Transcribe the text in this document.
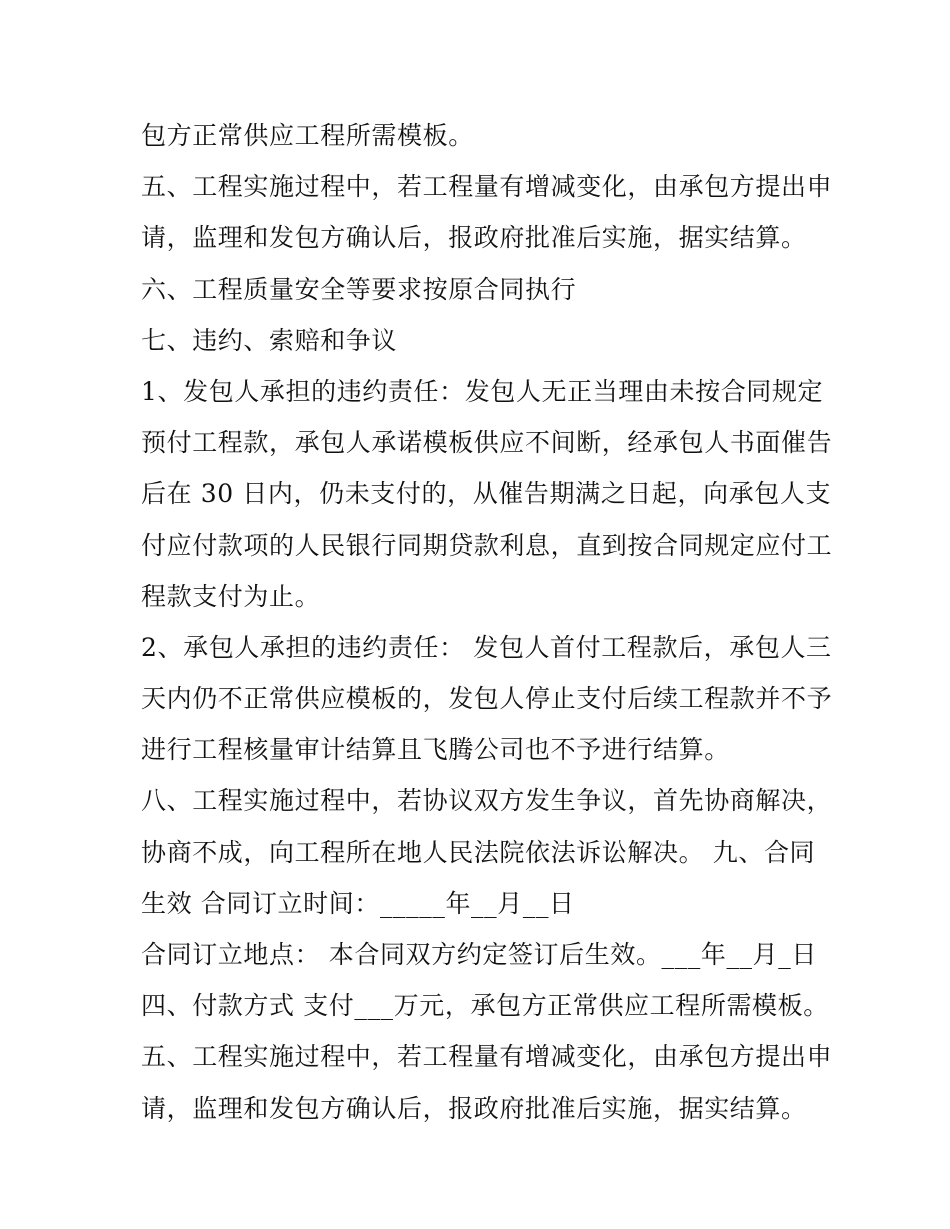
包方正常供应工程所需模板。
五、工程实施过程中，若工程量有增减变化，由承包方提出申
请，监理和发包方确认后，报政府批准后实施，据实结算。
六、工程质量安全等要求按原合同执行
七、违约、索赔和争议
1、发包人承担的违约责任：发包人无正当理由未按合同规定
预付工程款，承包人承诺模板供应不间断，经承包人书面催告
后在 30 日内，仍未支付的，从催告期满之日起，向承包人支
付应付款项的人民银行同期贷款利息，直到按合同规定应付工
程款支付为止。
2、承包人承担的违约责任： 发包人首付工程款后，承包人三
天内仍不正常供应模板的，发包人停止支付后续工程款并不予
进行工程核量审计结算且飞腾公司也不予进行结算。
八、工程实施过程中，若协议双方发生争议，首先协商解决，
协商不成，向工程所在地人民法院依法诉讼解决。 九、合同
生效 合同订立时间：_____年__月__日
合同订立地点： 本合同双方约定签订后生效。___年__月_日
四、付款方式 支付___万元，承包方正常供应工程所需模板。
五、工程实施过程中，若工程量有增减变化，由承包方提出申
请，监理和发包方确认后，报政府批准后实施，据实结算。
